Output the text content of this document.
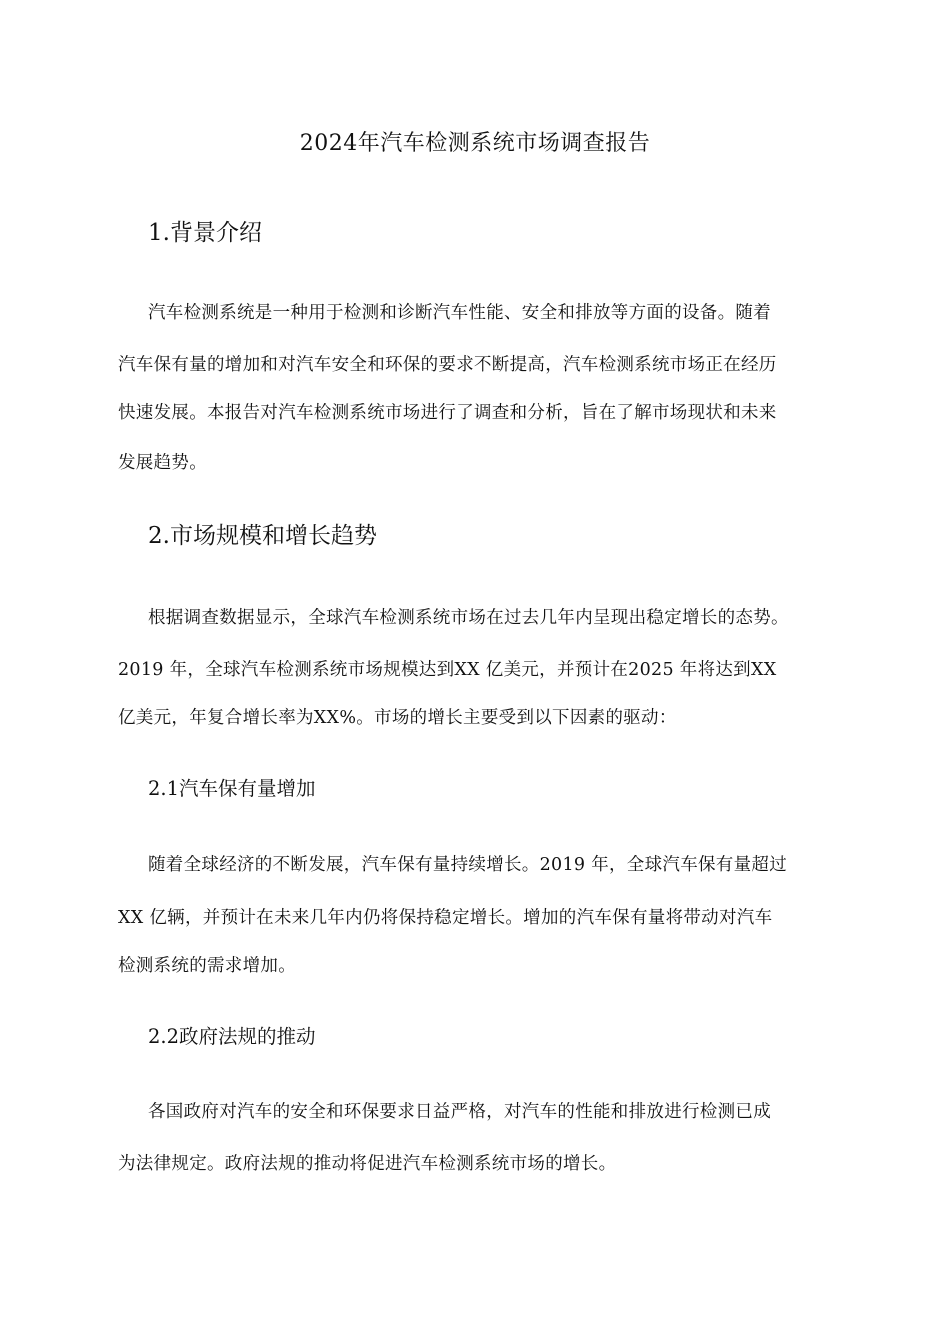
2024年汽车检测系统市场调查报告
1.背景介绍

汽车检测系统是一种用于检测和诊断汽车性能、安全和排放等方面的设备。随着

汽车保有量的增加和对汽车安全和环保的要求不断提高，汽车检测系统市场正在经历

快速发展。本报告对汽车检测系统市场进行了调查和分析，旨在了解市场现状和未来

发展趋势。

2.市场规模和增长趋势

根据调查数据显示，全球汽车检测系统市场在过去几年内呈现出稳定增长的态势。

2019 年，全球汽车检测系统市场规模达到XX 亿美元，并预计在2025 年将达到XX

亿美元，年复合增长率为XX%。市场的增长主要受到以下因素的驱动：

2.1汽车保有量增加

随着全球经济的不断发展，汽车保有量持续增长。2019 年，全球汽车保有量超过

XX 亿辆，并预计在未来几年内仍将保持稳定增长。增加的汽车保有量将带动对汽车

检测系统的需求增加。

2.2政府法规的推动

各国政府对汽车的安全和环保要求日益严格，对汽车的性能和排放进行检测已成

为法律规定。政府法规的推动将促进汽车检测系统市场的增长。
